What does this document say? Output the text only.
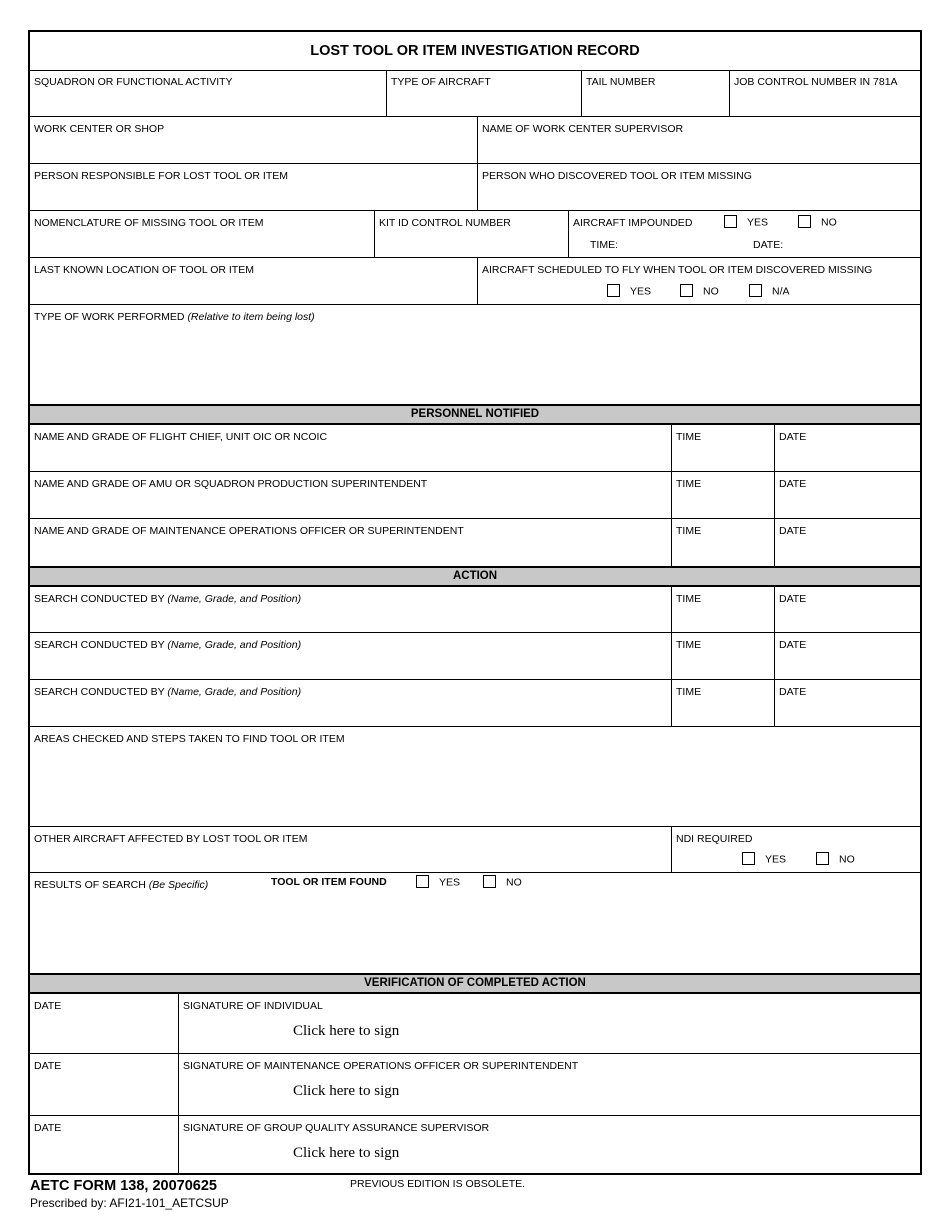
LOST TOOL OR ITEM INVESTIGATION RECORD
SQUADRON OR FUNCTIONAL ACTIVITY	TYPE OF AIRCRAFT	TAIL NUMBER	JOB CONTROL NUMBER IN 781A
WORK CENTER OR SHOP	NAME OF WORK CENTER SUPERVISOR
PERSON RESPONSIBLE FOR LOST TOOL OR ITEM	PERSON WHO DISCOVERED TOOL OR ITEM MISSING
NOMENCLATURE OF MISSING TOOL OR ITEM	KIT ID CONTROL NUMBER	AIRCRAFT IMPOUNDED	YES	NO
TIME:	DATE:
LAST KNOWN LOCATION OF TOOL OR ITEM	AIRCRAFT SCHEDULED TO FLY WHEN TOOL OR ITEM DISCOVERED MISSING
YES	NO	N/A
TYPE OF WORK PERFORMED (Relative to item being lost)
PERSONNEL NOTIFIED
NAME AND GRADE OF FLIGHT CHIEF, UNIT OIC OR NCOIC	TIME	DATE
NAME AND GRADE OF AMU OR SQUADRON PRODUCTION SUPERINTENDENT	TIME	DATE
NAME AND GRADE OF MAINTENANCE OPERATIONS OFFICER OR SUPERINTENDENT	TIME	DATE
ACTION
SEARCH CONDUCTED BY (Name, Grade, and Position)	TIME	DATE
SEARCH CONDUCTED BY (Name, Grade, and Position)	TIME	DATE
SEARCH CONDUCTED BY (Name, Grade, and Position)	TIME	DATE
AREAS CHECKED AND STEPS TAKEN TO FIND TOOL OR ITEM
OTHER AIRCRAFT AFFECTED BY LOST TOOL OR ITEM	NDI REQUIRED
YES	NO
RESULTS OF SEARCH (Be Specific)	TOOL OR ITEM FOUND	YES	NO
VERIFICATION OF COMPLETED ACTION
DATE	SIGNATURE OF INDIVIDUAL
Click here to sign
DATE	SIGNATURE OF MAINTENANCE OPERATIONS OFFICER OR SUPERINTENDENT
Click here to sign
DATE	SIGNATURE OF GROUP QUALITY ASSURANCE SUPERVISOR
Click here to sign
AETC FORM 138, 20070625	PREVIOUS EDITION IS OBSOLETE.
Prescribed by: AFI21-101_AETCSUP
